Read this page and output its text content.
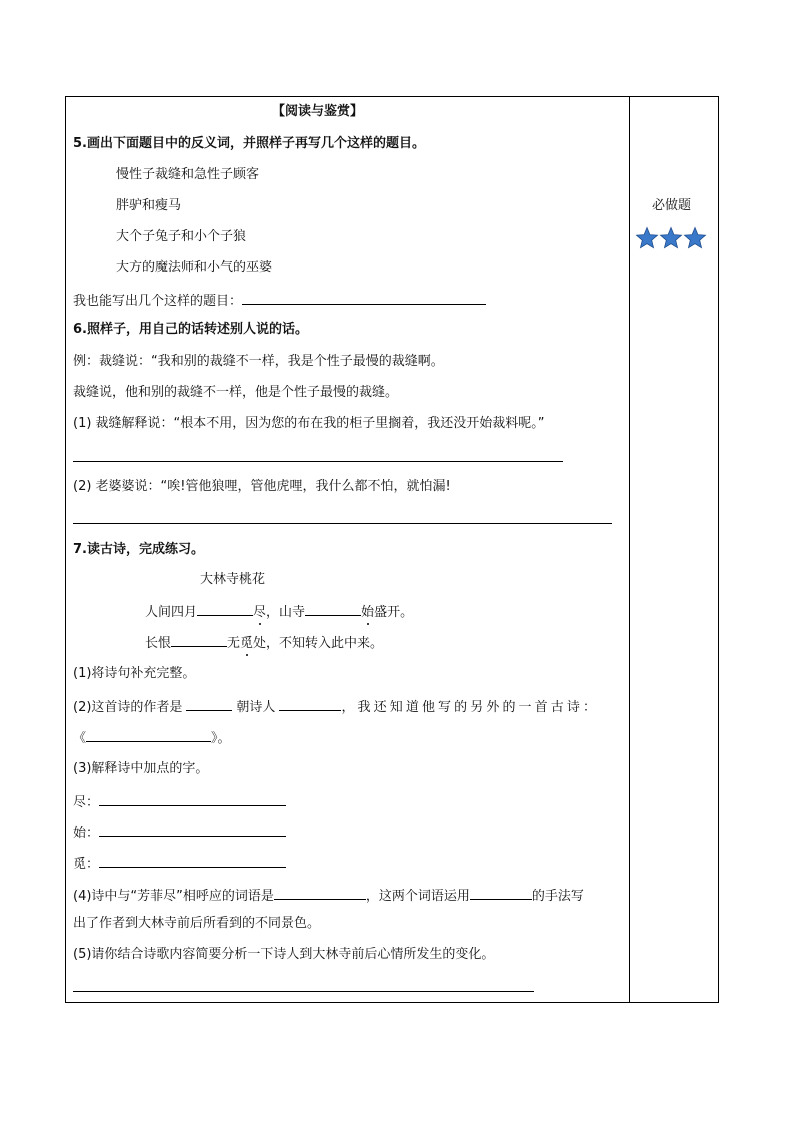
【阅读与鉴赏】
5.画出下面题目中的反义词，并照样子再写几个这样的题目。
慢性子裁缝和急性子顾客
胖驴和瘦马
大个子兔子和小个子狼
大方的魔法师和小气的巫婆
我也能写出几个这样的题目：
6.照样子，用自己的话转述别人说的话。
例：裁缝说：“我和别的裁缝不一样，我是个性子最慢的裁缝啊。
裁缝说，他和别的裁缝不一样，他是个性子最慢的裁缝。
(1) 裁缝解释说：“根本不用，因为您的布在我的柜子里搁着，我还没开始裁料呢。”
(2) 老婆婆说：“唉!管他狼哩，管他虎哩，我什么都不怕，就怕漏!
7.读古诗，完成练习。
大林寺桃花
人间四月	尽，山寺	始盛开。
长恨	无觅处，不知转入此中来。
(1)将诗句补充完整。
(2)这首诗的作者是	朝诗人	，我还知道他写的另外的一首古诗：
《	》。
(3)解释诗中加点的字。
尽：
始：
觅：
(4)诗中与“芳菲尽”相呼应的词语是	，这两个词语运用	的手法写
出了作者到大林寺前后所看到的不同景色。
(5)请你结合诗歌内容简要分析一下诗人到大林寺前后心情所发生的变化。
必做题
